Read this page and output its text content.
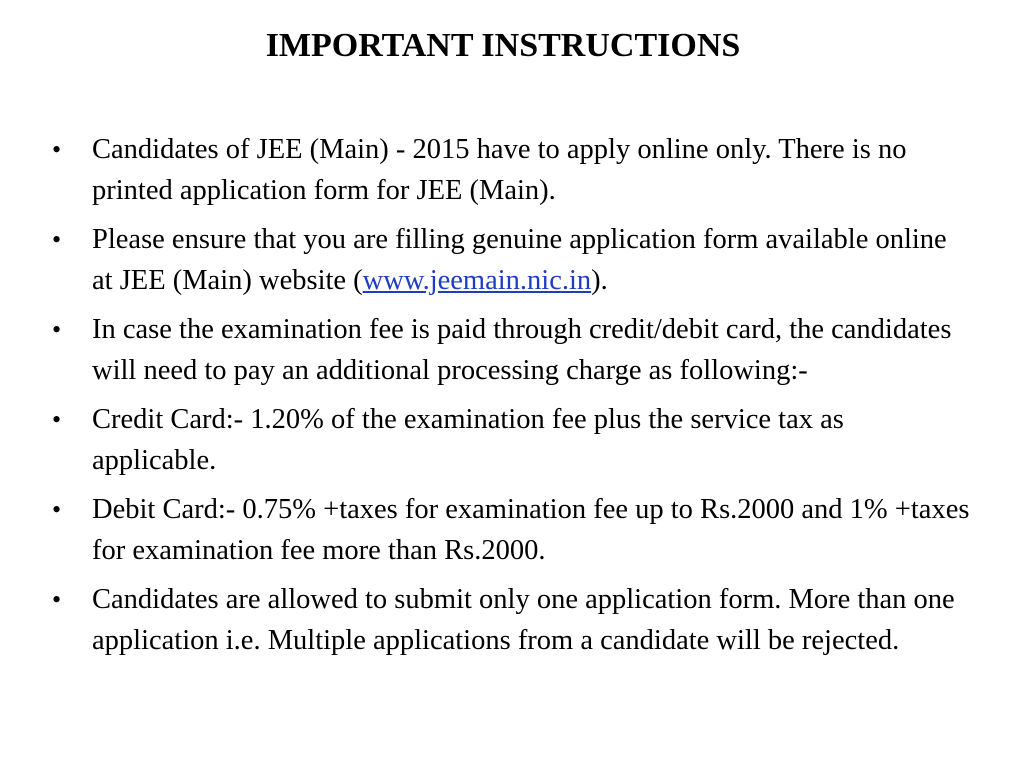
IMPORTANT INSTRUCTIONS
•	Candidates of JEE (Main) - 2015 have to apply online only. There is no printed application form for JEE (Main).
•	Please ensure that you are filling genuine application form available online at JEE (Main) website (www.jeemain.nic.in).
•	In case the examination fee is paid through credit/debit card, the candidates will need to pay an additional processing charge as following:-
•	Credit Card:- 1.20% of the examination fee plus the service tax as applicable.
•	Debit Card:- 0.75% +taxes for examination fee up to Rs.2000 and 1% +taxes for examination fee more than Rs.2000.
•	Candidates are allowed to submit only one application form. More than one application i.e. Multiple applications from a candidate will be rejected.
